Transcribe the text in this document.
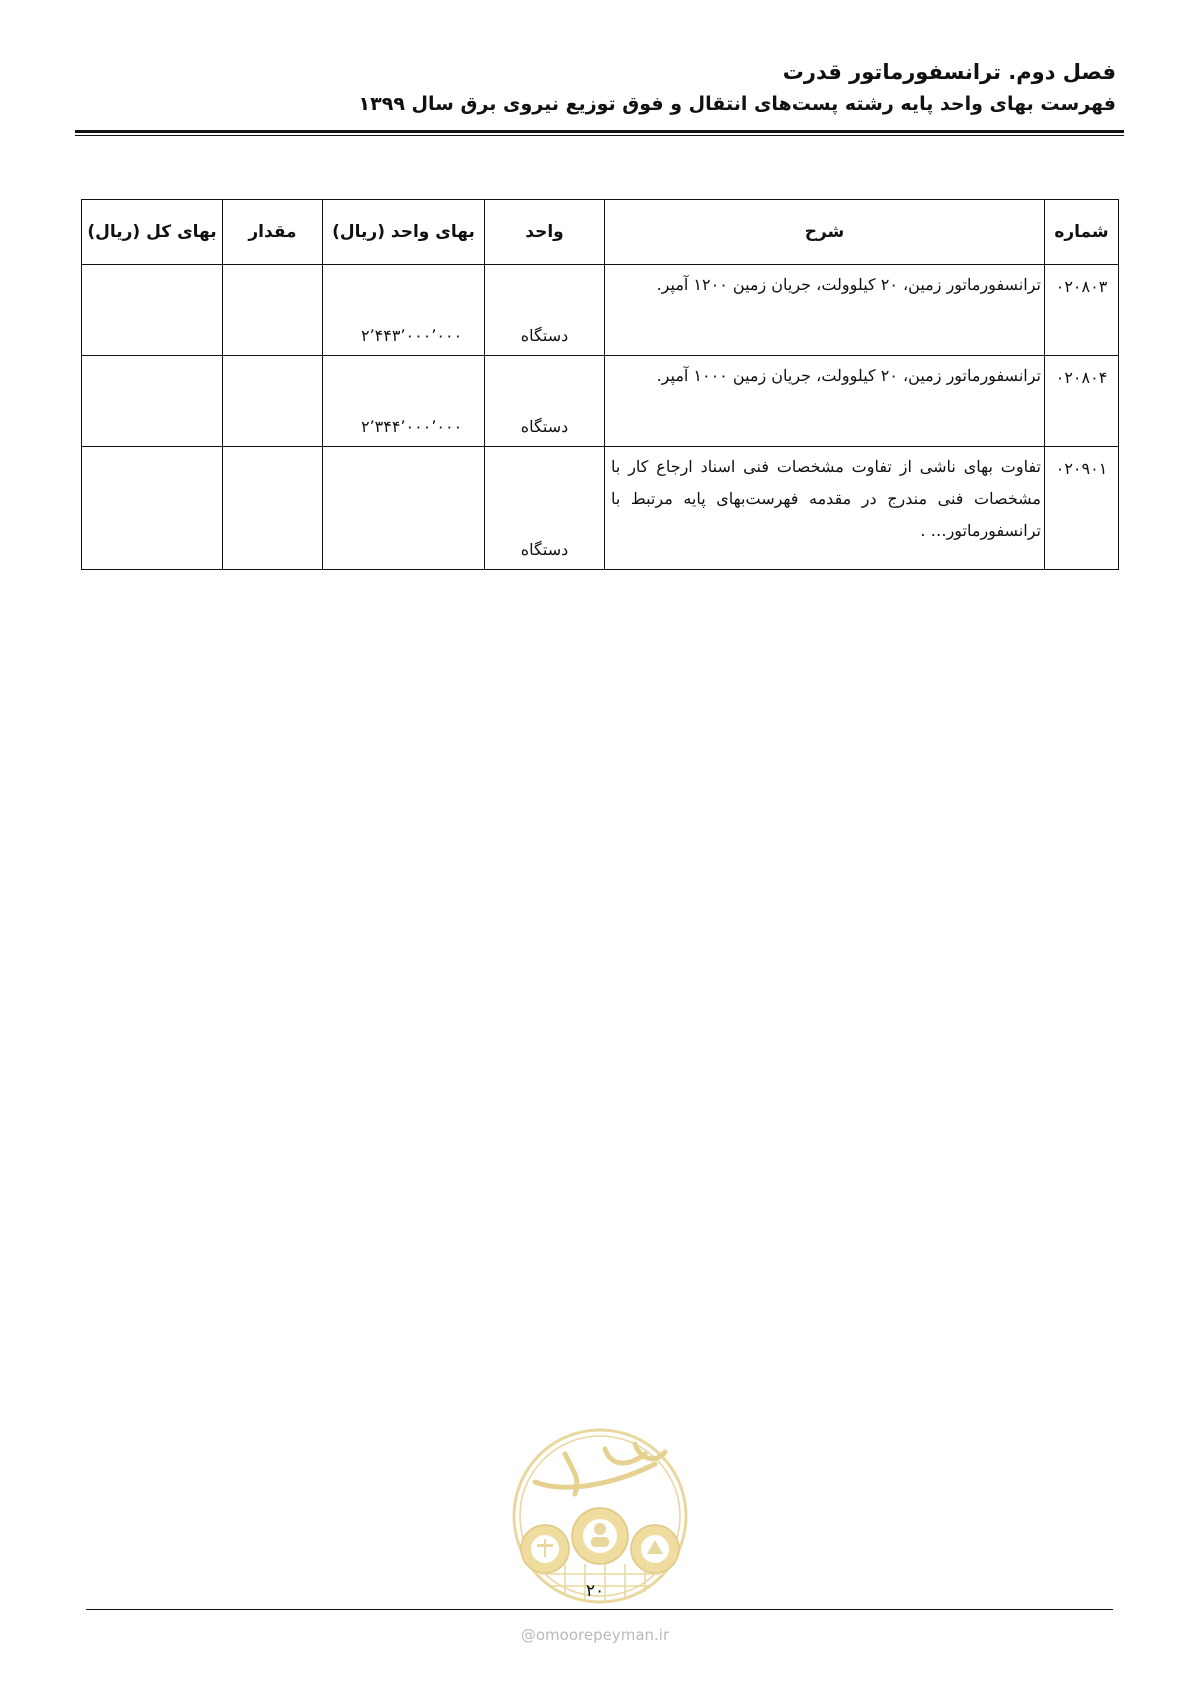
فصل دوم. ترانسفورماتور قدرت
فهرست بهای واحد پایه رشته پست‌های انتقال و فوق توزیع نیروی برق سال ۱۳۹۹
شماره	شرح	واحد	بهای واحد (ریال)	مقدار	بهای کل (ریال)
۰۲۰۸۰۳	ترانسفورماتور زمین، ۲۰ کیلوولت، جریان زمین ۱۲۰۰ آمپر.	دستگاه	۲٬۴۴۳٬۰۰۰٬۰۰۰		
۰۲۰۸۰۴	ترانسفورماتور زمین، ۲۰ کیلوولت، جریان زمین ۱۰۰۰ آمپر.	دستگاه	۲٬۳۴۴٬۰۰۰٬۰۰۰		
۰۲۰۹۰۱	تفاوت بهای ناشی از تفاوت مشخصات فنی اسناد ارجاع کار با مشخصات فنی مندرج در مقدمه فهرست‌بهای پایه مرتبط با ترانسفورماتور… .	دستگاه			
۲۰
@omoorepeyman.ir
